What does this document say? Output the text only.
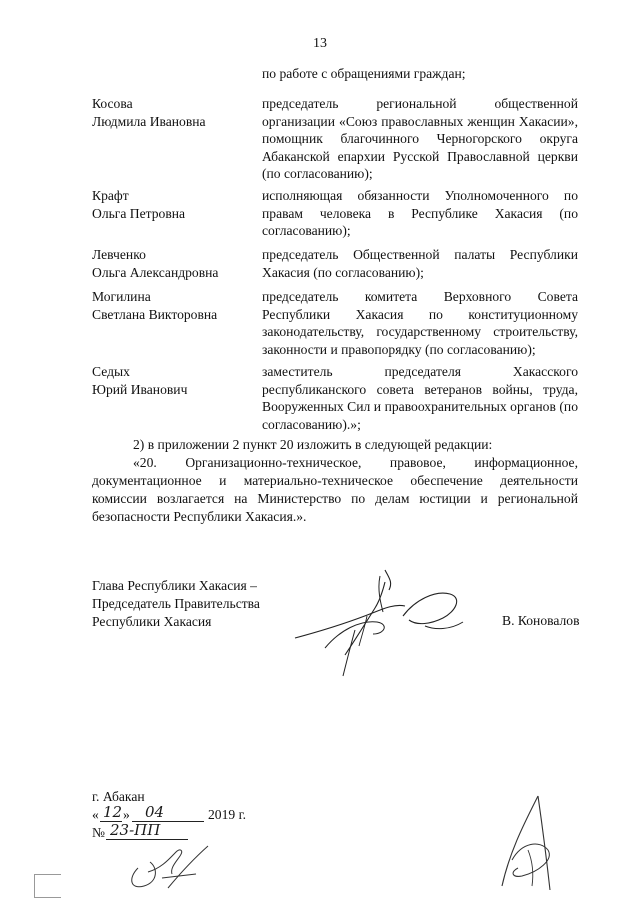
13
по работе с обращениями граждан;
Косова
Людмила Ивановна
председатель региональной общественной организации «Союз православных женщин Хакасии», помощник благочинного Черногорского округа Абаканской епархии Русской Православной церкви (по согласованию);
Крафт
Ольга Петровна
исполняющая обязанности Уполномоченного по правам человека в Республике Хакасия (по согласованию);
Левченко
Ольга Александровна
председатель Общественной палаты Республики Хакасия (по согласованию);
Могилина
Светлана Викторовна
председатель комитета Верховного Совета Республики Хакасия по конституционному законодательству, государственному строительству, законности и правопорядку (по согласованию);
Седых
Юрий Иванович
заместитель председателя Хакасского республиканского совета ветеранов войны, труда, Вооруженных Сил и правоохранительных органов (по согласованию).»;
2) в приложении 2 пункт 20 изложить в следующей редакции:
«20. Организационно-техническое, правовое, информационное, документационное и материально-техническое обеспечение деятельности комиссии возлагается на Министерство по делам юстиции и региональной безопасности Республики Хакасия.».
Глава Республики Хакасия –
Председатель Правительства
Республики Хакасия	В. Коновалов
г. Абакан
« 12 » 04	2019 г.
№ 23-ПП
